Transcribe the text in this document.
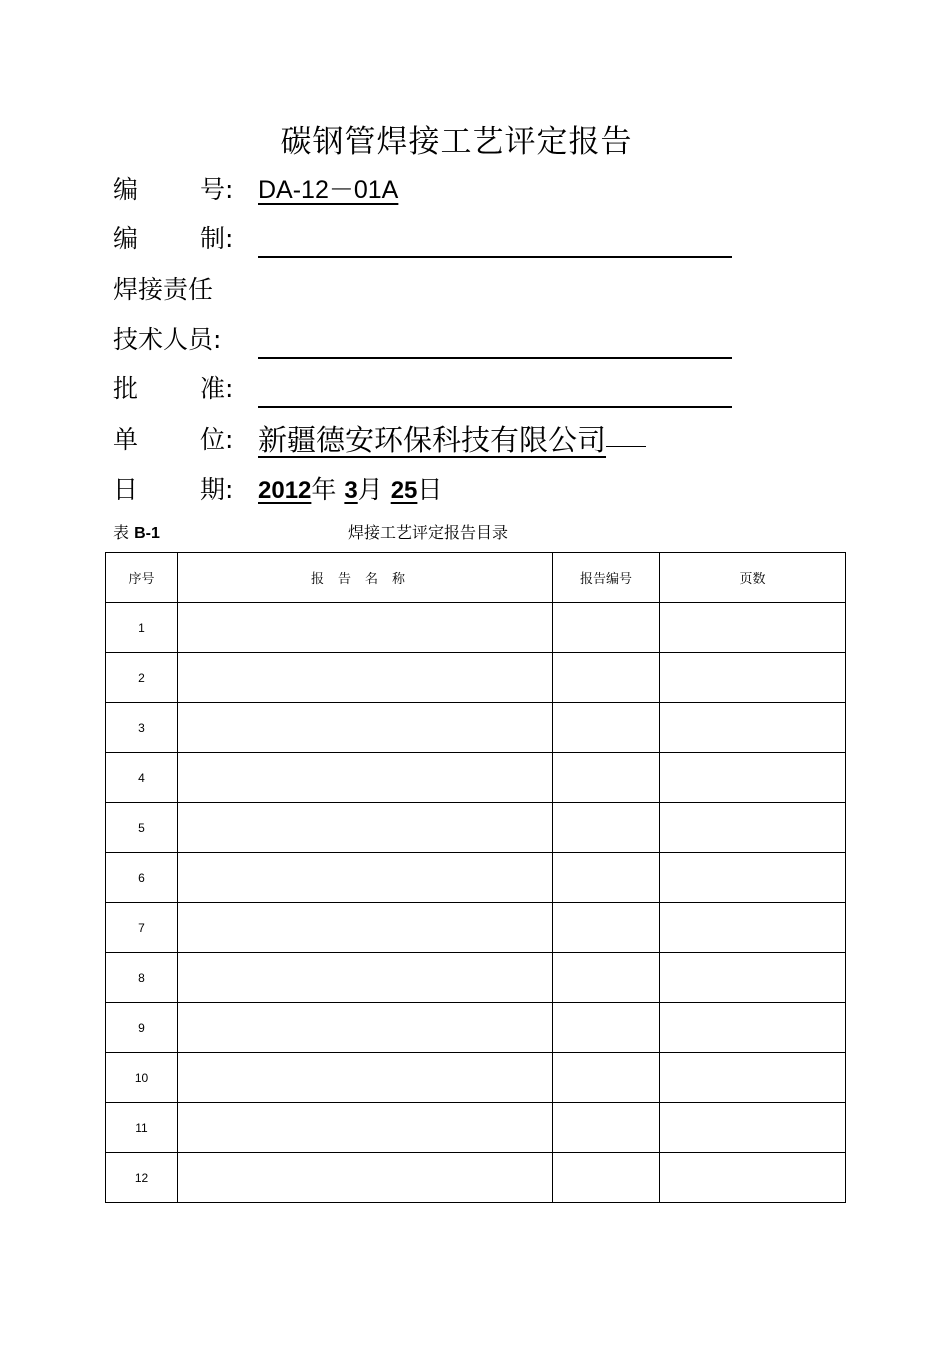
碳钢管焊接工艺评定报告
编 号: DA-12－01A
编 制:
焊接责任
技术人员:
批 准:
单 位: 新疆德安环保科技有限公司
日 期: 2012年 3月 25日
表 B-1	焊接工艺评定报告目录
序号	报告名称	报告编号	页数
1			
2			
3			
4			
5			
6			
7			
8			
9			
10			
11			
12			
